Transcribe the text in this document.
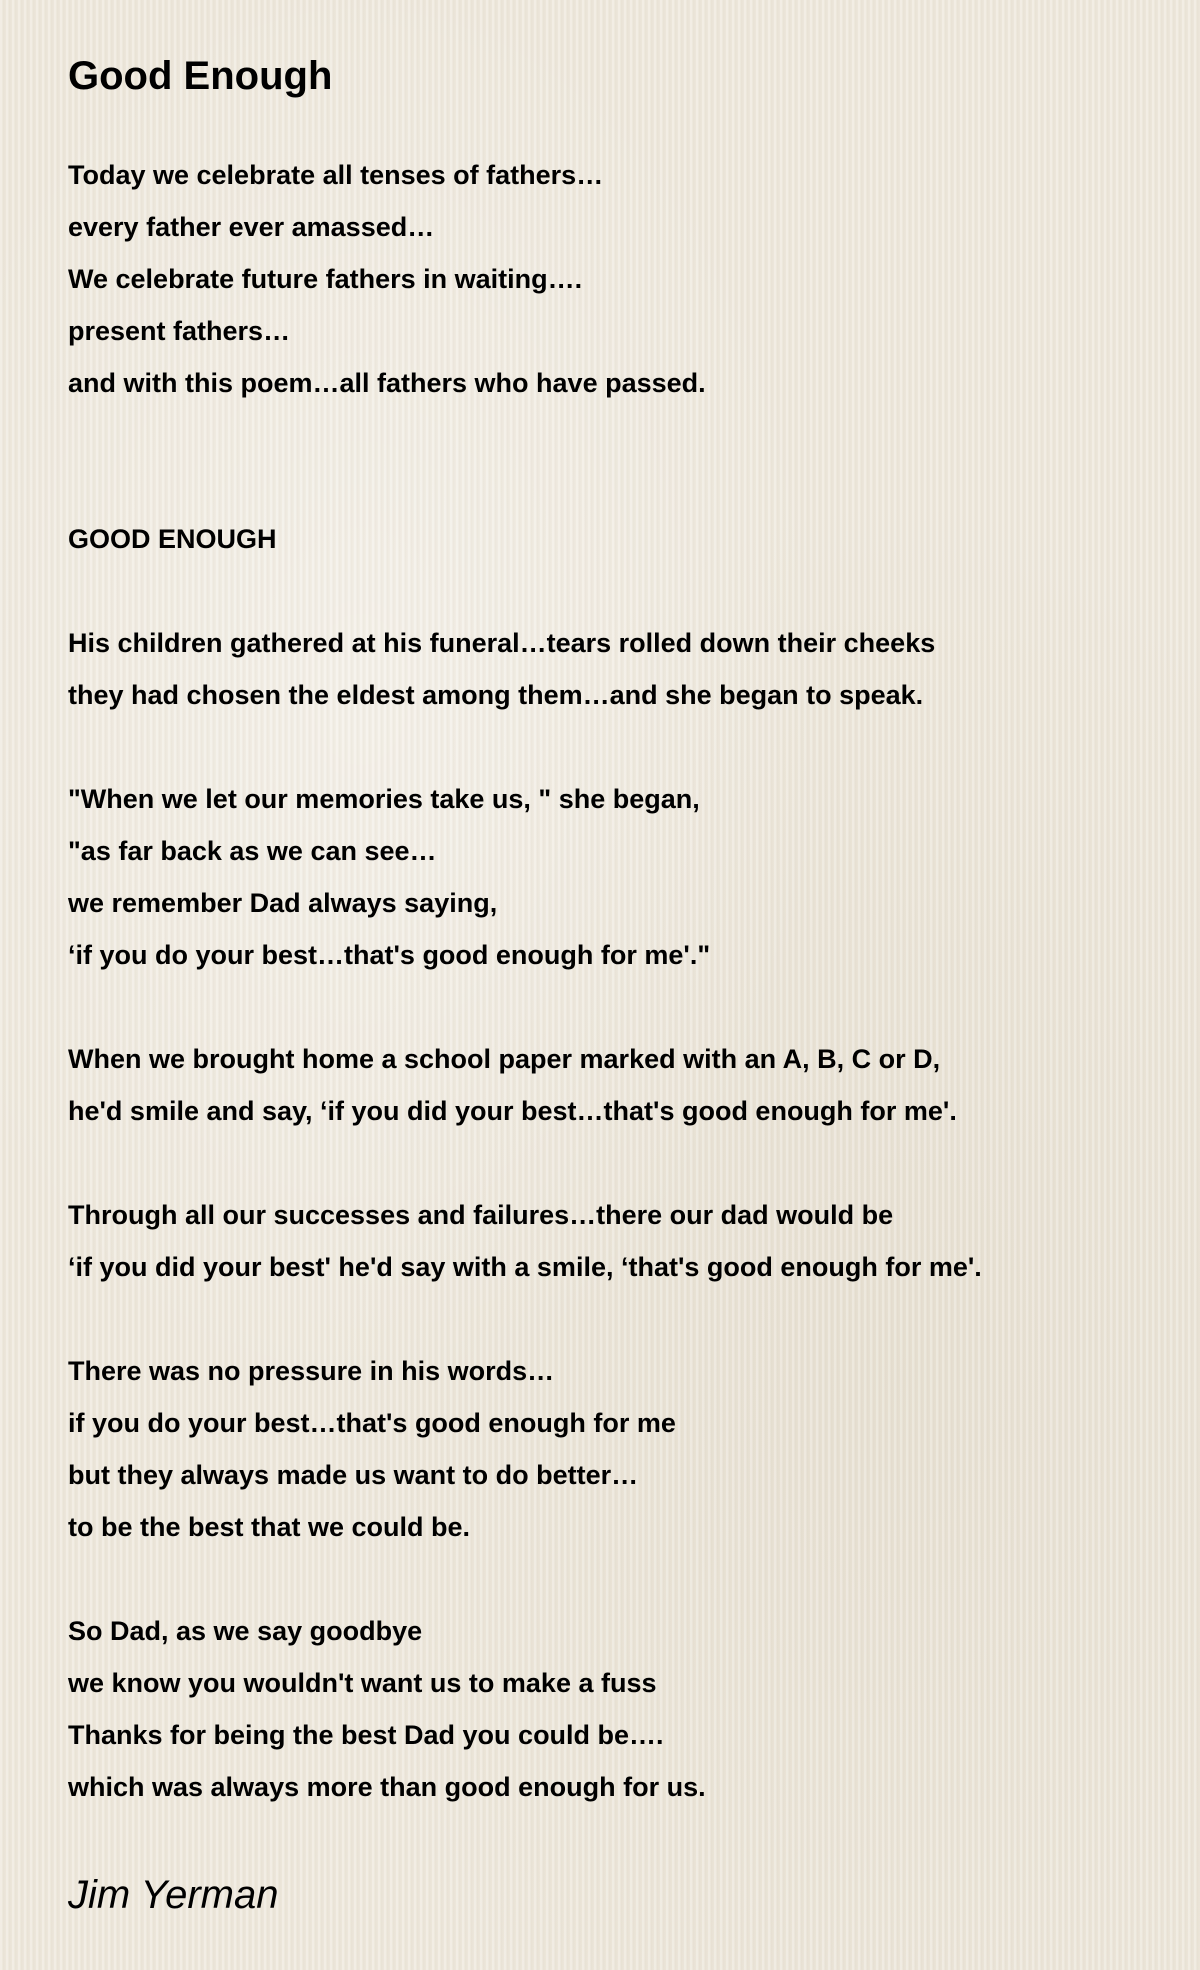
Good Enough
Today we celebrate all tenses of fathers…
every father ever amassed…
We celebrate future fathers in waiting….
present fathers…
and with this poem…all fathers who have passed.
GOOD ENOUGH
His children gathered at his funeral…tears rolled down their cheeks
they had chosen the eldest among them…and she began to speak.
"When we let our memories take us, " she began,
"as far back as we can see…
we remember Dad always saying,
‘if you do your best…that's good enough for me'."
When we brought home a school paper marked with an A, B, C or D,
he'd smile and say, ‘if you did your best…that's good enough for me'.
Through all our successes and failures…there our dad would be
‘if you did your best' he'd say with a smile, ‘that's good enough for me'.
There was no pressure in his words…
if you do your best…that's good enough for me
but they always made us want to do better…
to be the best that we could be.
So Dad, as we say goodbye
we know you wouldn't want us to make a fuss
Thanks for being the best Dad you could be….
which was always more than good enough for us.
Jim Yerman
